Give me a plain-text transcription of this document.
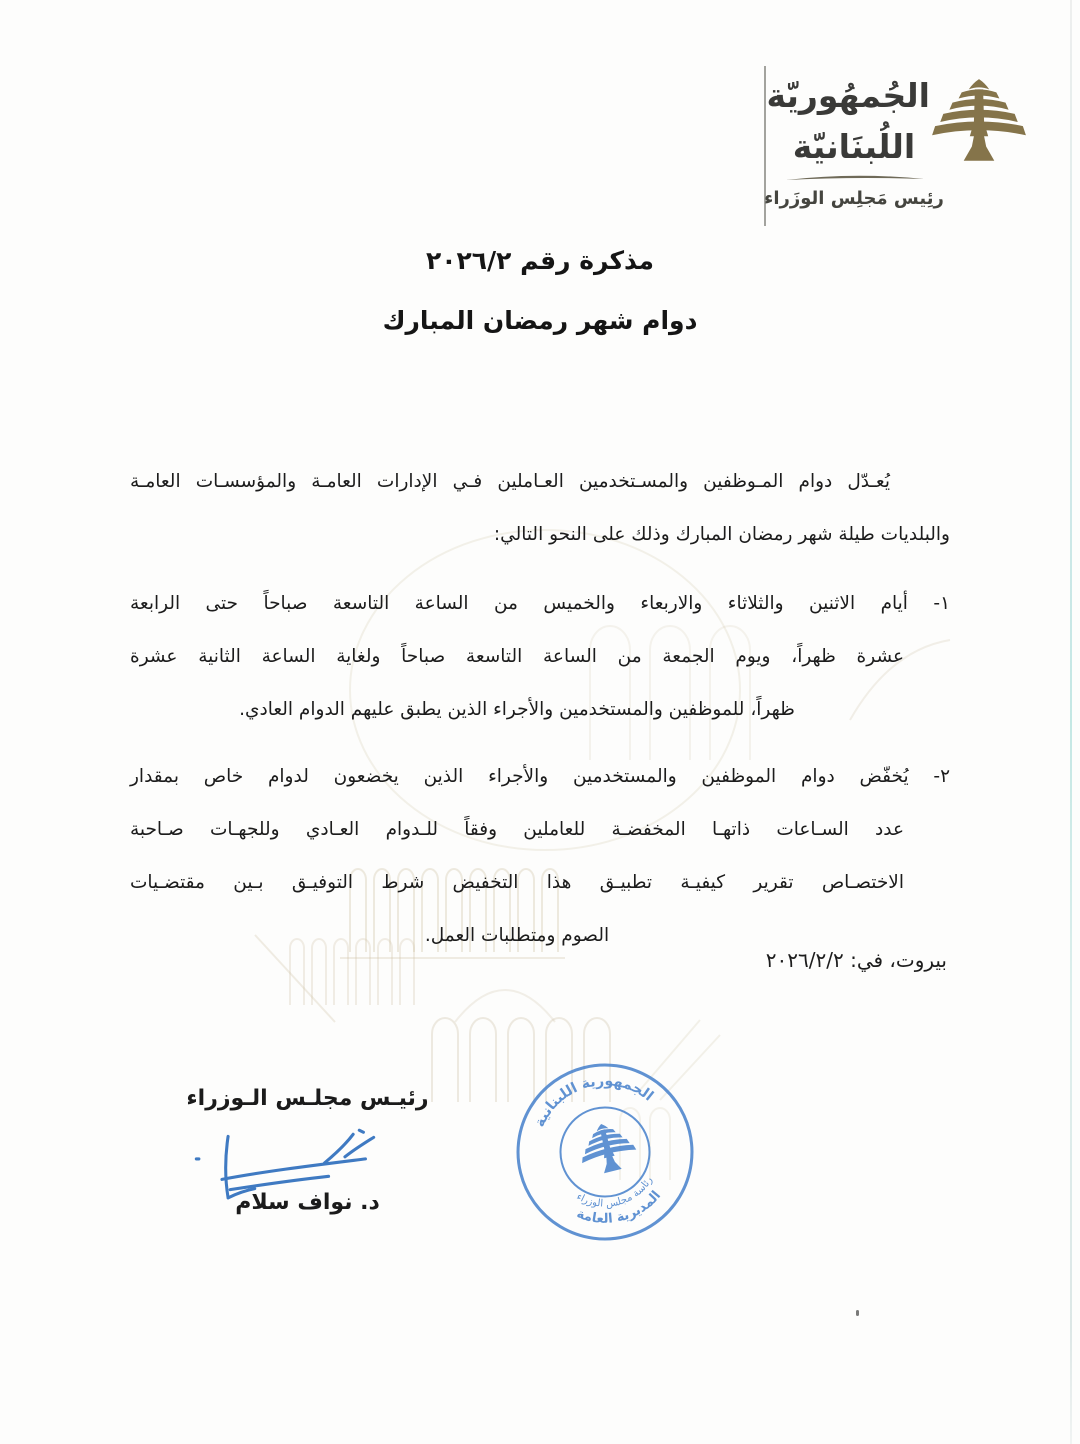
الجُمهُوريّة
اللُبنَانيّة
رئِيس مَجلِس الوزَراء
مذكرة رقم ٢٠٢٦/٢
دوام شهر رمضان المبارك
يُعـدّل دوام المـوظفين والمسـتخدمين العـاملين فـي الإدارات العامـة والمؤسسـات العامـة
والبلديات طيلة شهر رمضان المبارك وذلك على النحو التالي:
١- أيام الاثنين والثلاثاء والاربعاء والخميس من الساعة التاسعة صباحاً حتى الرابعة
عشرة ظهراً، ويوم الجمعة من الساعة التاسعة صباحاً ولغاية الساعة الثانية عشرة
ظهراً، للموظفين والمستخدمين والأجراء الذين يطبق عليهم الدوام العادي.
٢- يُخفّض دوام الموظفين والمستخدمين والأجراء الذين يخضعون لدوام خاص بمقدار
عدد السـاعات ذاتهـا المخفضـة للعاملين وفقاً للـدوام العـادي وللجهـات صـاحبة
الاختصـاص تقرير كيفيـة تطبيـق هذا التخفيض شرط التوفيـق بـين مقتضـيات
الصوم ومتطلبات العمل.
بيروت، في: ٢٠٢٦/٢/٢
رئيـس مجلـس الـوزراء
د. نواف سلام
الجمهورية اللبنانية
رئاسة مجلس الوزراء
المديرية العامة
